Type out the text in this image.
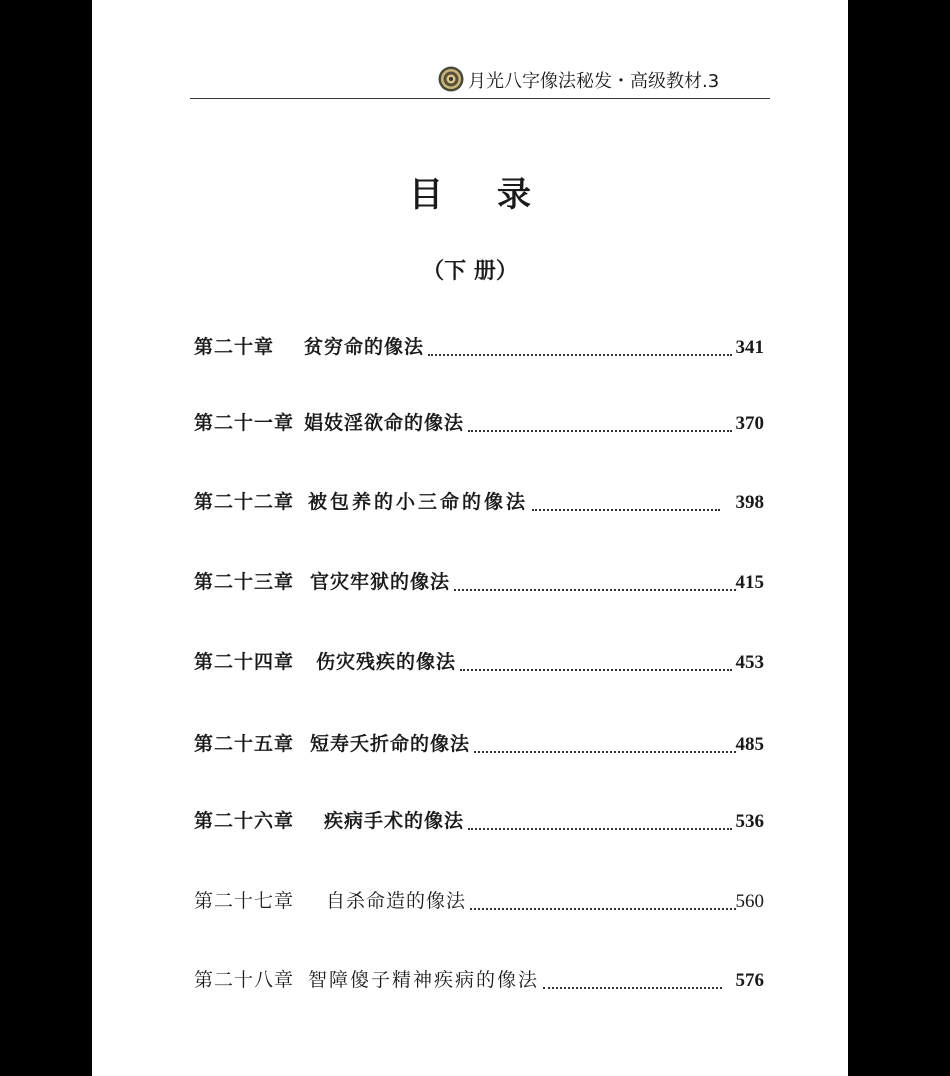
月光八字像法秘发・高级教材.3
目录
（下 册）
第二十章 贫穷命的像法	341
第二十一章 娼妓淫欲命的像法	370
第二十二章 被包养的小三命的像法	398
第二十三章 官灾牢狱的像法	415
第二十四章 伤灾残疾的像法	453
第二十五章 短寿夭折命的像法	485
第二十六章 疾病手术的像法	536
第二十七章 自杀命造的像法	560
第二十八章 智障傻子精神疾病的像法	576
